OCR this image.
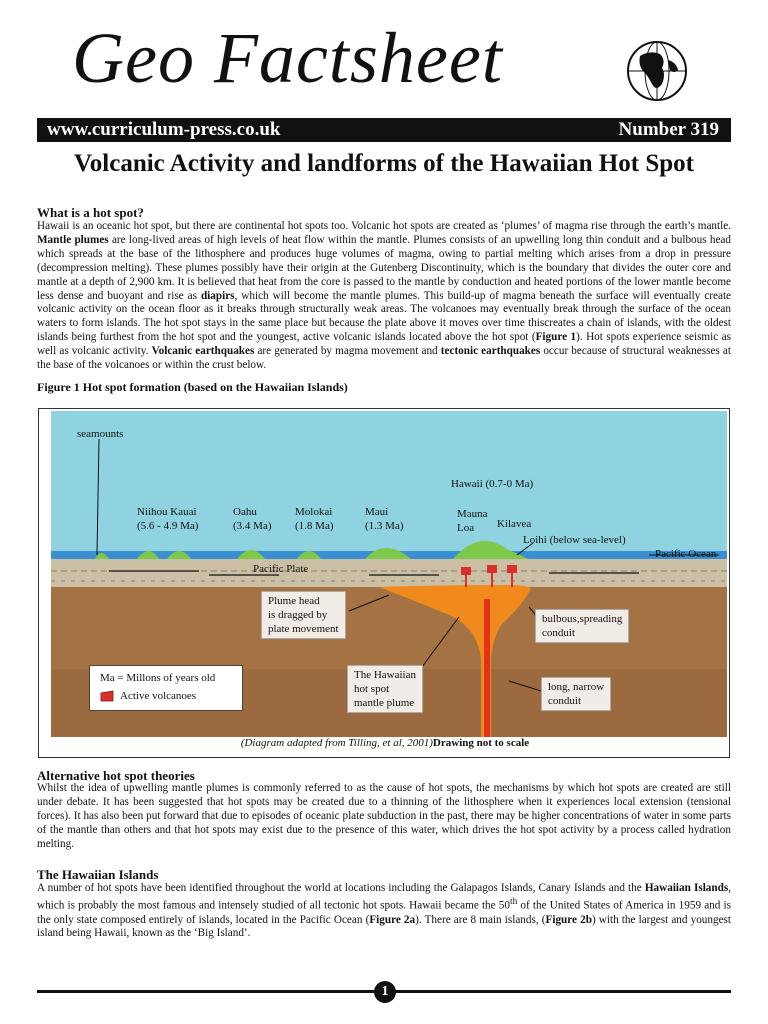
Geo Factsheet
www.curriculum-press.co.uk	Number 319
Volcanic Activity and landforms of the Hawaiian Hot Spot
What is a hot spot?
Hawaii is an oceanic hot spot, but there are continental hot spots too. Volcanic hot spots are created as ‘plumes’ of magma rise through the earth’s mantle. Mantle plumes are long-lived areas of high levels of heat flow within the mantle. Plumes consists of an upwelling long thin conduit and a bulbous head which spreads at the base of the lithosphere and produces huge volumes of magma, owing to partial melting which arises from a drop in pressure (decompression melting). These plumes possibly have their origin at the Gutenberg Discontinuity, which is the boundary that divides the outer core and mantle at a depth of 2,900 km. It is believed that heat from the core is passed to the mantle by conduction and heated portions of the lower mantle become less dense and buoyant and rise as diapirs, which will become the mantle plumes. This build-up of magma beneath the surface will eventually create volcanic activity on the ocean floor as it breaks through structurally weak areas. The volcanoes may eventually break through the surface of the ocean waters to form islands. The hot spot stays in the same place but because the plate above it moves over time thiscreates a chain of islands, with the oldest islands being furthest from the hot spot and the youngest, active volcanic islands located above the hot spot (Figure 1). Hot spots experience seismic as well as volcanic activity. Volcanic earthquakes are generated by magma movement and tectonic earthquakes occur because of structural weaknesses at the base of the volcanoes or within the crust below.
Figure 1 Hot spot formation (based on the Hawaiian Islands)
seamounts
Niihou Kauai
(5.6 - 4.9 Ma)
Oahu
(3.4 Ma)
Molokai
(1.8 Ma)
Maui
(1.3 Ma)
Hawaii (0.7-0 Ma)
Mauna
Loa Kilavea
Loihi (below sea-level)
Pacific Ocean
Pacific Plate
Plume head
is dragged by
plate movement
bulbous,spreading
conduit
The Hawaiian
hot spot
mantle plume
long, narrow
conduit
Ma = Millons of years old
Active volcanoes
(Diagram adapted from Tilling, et al, 2001)Drawing not to scale
Alternative hot spot theories
Whilst the idea of upwelling mantle plumes is commonly referred to as the cause of hot spots, the mechanisms by which hot spots are created are still under debate. It has been suggested that hot spots may be created due to a thinning of the lithosphere when it experiences local extension (tensional forces). It has also been put forward that due to episodes of oceanic plate subduction in the past, there may be higher concentrations of water in some parts of the mantle than others and that hot spots may exist due to the presence of this water, which drives the hot spot activity by a process called hydration melting.
The Hawaiian Islands
A number of hot spots have been identified throughout the world at locations including the Galapagos Islands, Canary Islands and the Hawaiian Islands, which is probably the most famous and intensely studied of all tectonic hot spots. Hawaii became the 50th of the United States of America in 1959 and is the only state composed entirely of islands, located in the Pacific Ocean (Figure 2a). There are 8 main islands, (Figure 2b) with the largest and youngest island being Hawaii, known as the ‘Big Island’.
1
